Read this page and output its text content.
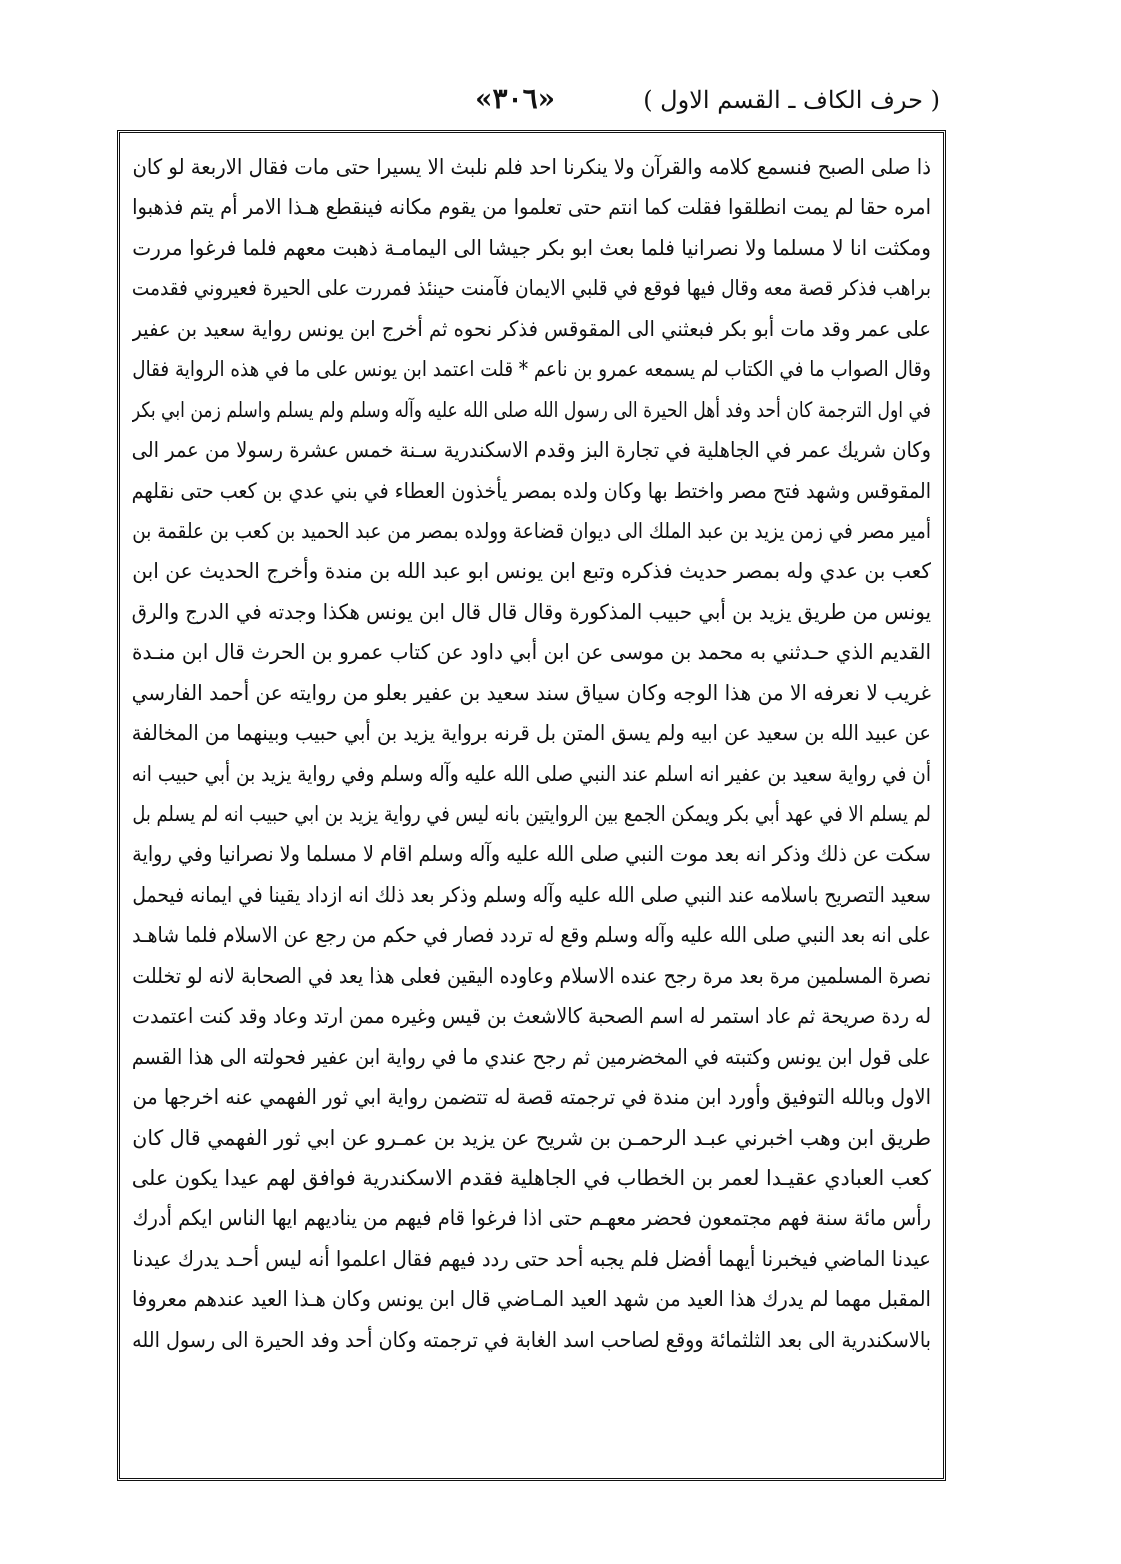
( حرف الكاف ـ القسم الاول )
«٣٠٦»
ذا صلى الصبح فنسمع كلامه والقرآن ولا ينكرنا احد فلم نلبث الا يسيرا حتى مات فقال الاربعة لو كان
امره حقا لم يمت انطلقوا فقلت كما انتم حتى تعلموا من يقوم مكانه فينقطع هـذا الامر أم يتم فذهبوا
ومكثت انا لا مسلما ولا نصرانيا فلما بعث ابو بكر جيشا الى اليمامـة ذهبت معهم فلما فرغوا مررت
براهب فذكر قصة معه وقال فيها فوقع في قلبي الايمان فآمنت حينئذ فمررت على الحيرة فعيروني فقدمت
على عمر وقد مات أبو بكر فبعثني الى المقوقس فذكر نحوه ثم أخرج ابن يونس رواية سعيد بن عفير
وقال الصواب ما في الكتاب لم يسمعه عمرو بن ناعم * قلت اعتمد ابن يونس على ما في هذه الرواية فقال
في اول الترجمة كان أحد وفد أهل الحيرة الى رسول الله صلى الله عليه وآله وسلم ولم يسلم واسلم زمن ابي بكر
وكان شريك عمر في الجاهلية في تجارة البز وقدم الاسكندرية سـنة خمس عشرة رسولا من عمر الى
المقوقس وشهد فتح مصر واختط بها وكان ولده بمصر يأخذون العطاء في بني عدي بن كعب حتى نقلهم
أمير مصر في زمن يزيد بن عبد الملك الى ديوان قضاعة وولده بمصر من عبد الحميد بن كعب بن علقمة بن
كعب بن عدي وله بمصر حديث فذكره وتبع ابن يونس ابو عبد الله بن مندة وأخرج الحديث عن ابن
يونس من طريق يزيد بن أبي حبيب المذكورة وقال قال قال ابن يونس هكذا وجدته في الدرج والرق
القديم الذي حـدثني به محمد بن موسى عن ابن أبي داود عن كتاب عمرو بن الحرث قال ابن منـدة
غريب لا نعرفه الا من هذا الوجه وكان سياق سند سعيد بن عفير بعلو من روايته عن أحمد الفارسي
عن عبيد الله بن سعيد عن ابيه ولم يسق المتن بل قرنه برواية يزيد بن أبي حبيب وبينهما من المخالفة
أن في رواية سعيد بن عفير انه اسلم عند النبي صلى الله عليه وآله وسلم وفي رواية يزيد بن أبي حبيب انه
لم يسلم الا في عهد أبي بكر ويمكن الجمع بين الروايتين بانه ليس في رواية يزيد بن ابي حبيب انه لم يسلم بل
سكت عن ذلك وذكر انه بعد موت النبي صلى الله عليه وآله وسلم اقام لا مسلما ولا نصرانيا وفي رواية
سعيد التصريح باسلامه عند النبي صلى الله عليه وآله وسلم وذكر بعد ذلك انه ازداد يقينا في ايمانه فيحمل
على انه بعد النبي صلى الله عليه وآله وسلم وقع له تردد فصار في حكم من رجع عن الاسلام فلما شاهـد
نصرة المسلمين مرة بعد مرة رجح عنده الاسلام وعاوده اليقين فعلى هذا يعد في الصحابة لانه لو تخللت
له ردة صريحة ثم عاد استمر له اسم الصحبة كالاشعث بن قيس وغيره ممن ارتد وعاد وقد كنت اعتمدت
على قول ابن يونس وكتبته في المخضرمين ثم رجح عندي ما في رواية ابن عفير فحولته الى هذا القسم
الاول وبالله التوفيق وأورد ابن مندة في ترجمته قصة له تتضمن رواية ابي ثور الفهمي عنه اخرجها من
طريق ابن وهب اخبرني عبـد الرحمـن بن شريح عن يزيد بن عمـرو عن ابي ثور الفهمي قال كان
كعب العبادي عقيـدا لعمر بن الخطاب في الجاهلية فقدم الاسكندرية فوافق لهم عيدا يكون على
رأس مائة سنة فهم مجتمعون فحضر معهـم حتى اذا فرغوا قام فيهم من يناديهم ايها الناس ايكم أدرك
عيدنا الماضي فيخبرنا أيهما أفضل فلم يجبه أحد حتى ردد فيهم فقال اعلموا أنه ليس أحـد يدرك عيدنا
المقبل مهما لم يدرك هذا العيد من شهد العيد المـاضي قال ابن يونس وكان هـذا العيد عندهم معروفا
بالاسكندرية الى بعد الثلثمائة ووقع لصاحب اسد الغابة في ترجمته وكان أحد وفد الحيرة الى رسول الله
